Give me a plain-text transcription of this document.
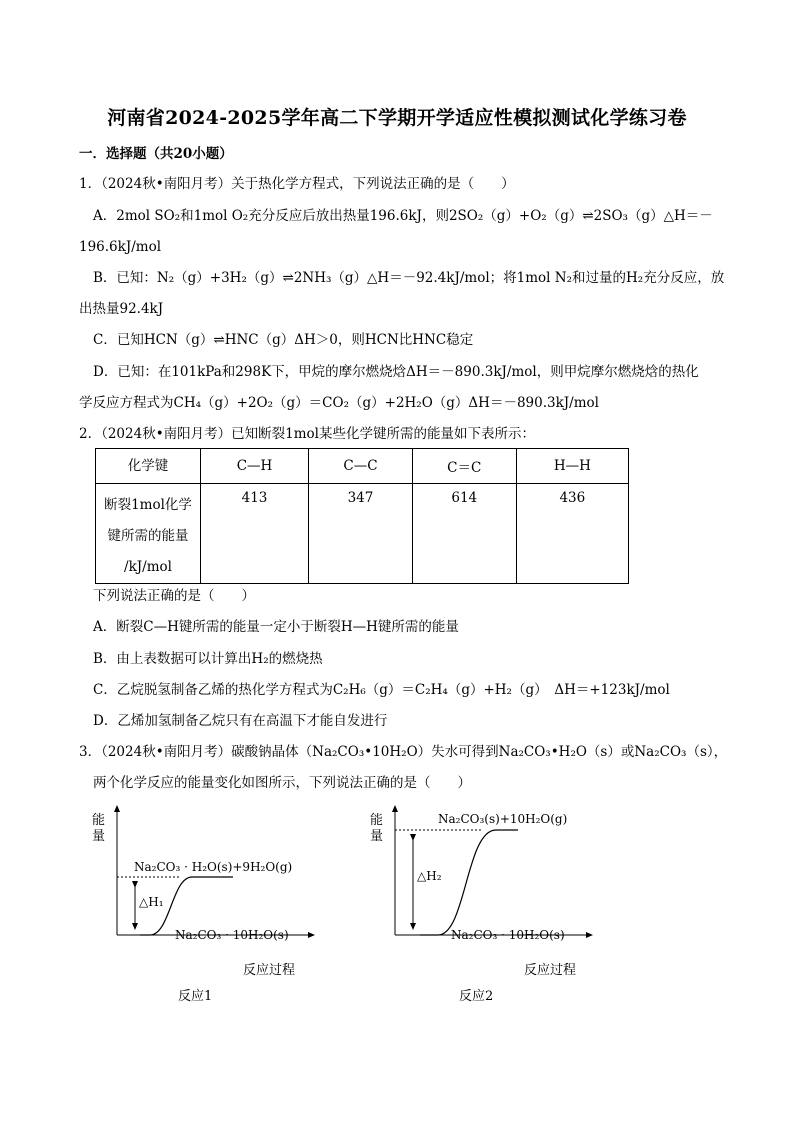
河南省2024-2025学年高二下学期开学适应性模拟测试化学练习卷
一．选择题（共20小题）
1．（2024秋•南阳月考）关于热化学方程式，下列说法正确的是（　　）
A．2mol SO₂和1mol O₂充分反应后放出热量196.6kJ，则2SO₂（g）+O₂（g）⇌2SO₃（g）△H＝－
196.6kJ/mol
B．已知：N₂（g）+3H₂（g）⇌2NH₃（g）△H＝－92.4kJ/mol；将1mol N₂和过量的H₂充分反应，放
出热量92.4kJ
C．已知HCN（g）⇌HNC（g）ΔH＞0，则HCN比HNC稳定
D．已知：在101kPa和298K下，甲烷的摩尔燃烧焓ΔH＝－890.3kJ/mol，则甲烷摩尔燃烧焓的热化
学反应方程式为CH₄（g）+2O₂（g）＝CO₂（g）+2H₂O（g）ΔH＝－890.3kJ/mol
2．（2024秋•南阳月考）已知断裂1mol某些化学键所需的能量如下表所示：
化学键	C—H	C—C	C＝C	H—H

断裂1mol化学
键所需的能量
/kJ/mol	413	347	614	436
下列说法正确的是（　　）
A．断裂C—H键所需的能量一定小于断裂H—H键所需的能量
B．由上表数据可以计算出H₂的燃烧热
C．乙烷脱氢制备乙烯的热化学方程式为C₂H₆（g）＝C₂H₄（g）+H₂（g）　ΔH＝+123kJ/mol
D．乙烯加氢制备乙烷只有在高温下才能自发进行
3．（2024秋•南阳月考）碳酸钠晶体（Na₂CO₃•10H₂O）失水可得到Na₂CO₃•H₂O（s）或Na₂CO₃（s），
两个化学反应的能量变化如图所示，下列说法正确的是（　　）
能
量
Na₂CO₃ · H₂O(s)+9H₂O(g)
△H₁
Na₂CO₃ · 10H₂O(s)
反应过程
反应1
能
量
Na₂CO₃(s)+10H₂O(g)
△H₂
Na₂CO₃ · 10H₂O(s)
反应过程
反应2
